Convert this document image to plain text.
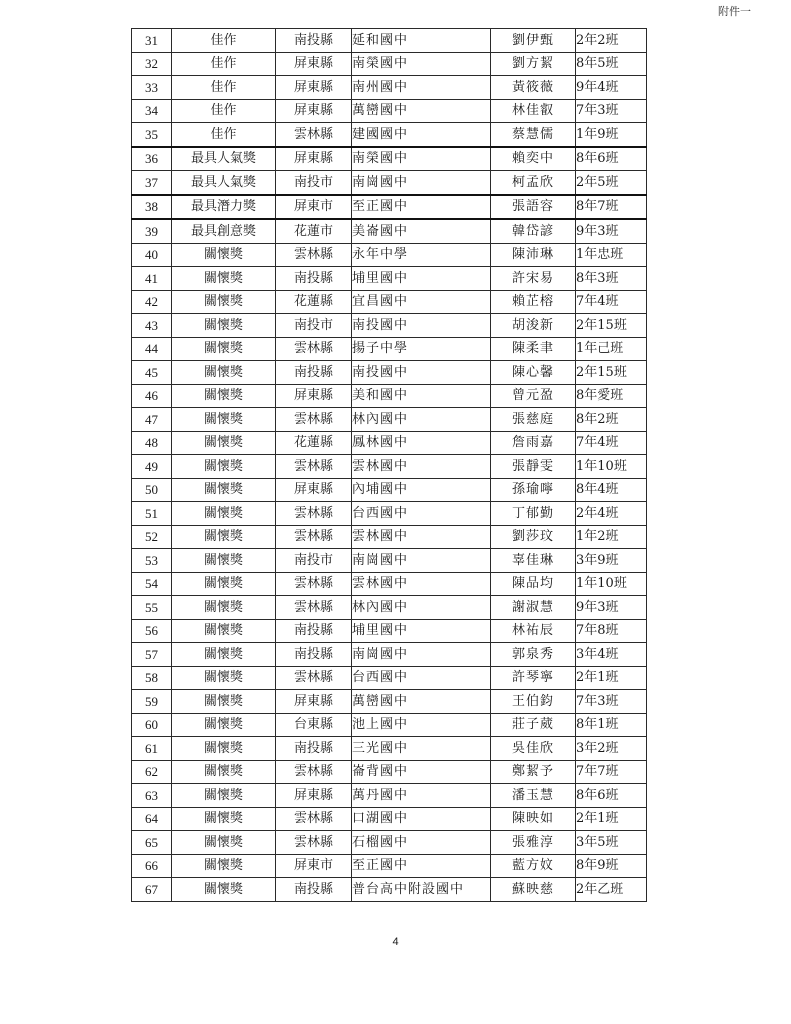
附件一
31	佳作	南投縣	延和國中	劉伊甄	2年2班
32	佳作	屏東縣	南榮國中	劉方絜	8年5班
33	佳作	屏東縣	南州國中	黃筱薇	9年4班
34	佳作	屏東縣	萬巒國中	林佳叡	7年3班
35	佳作	雲林縣	建國國中	蔡慧儒	1年9班
36	最具人氣獎	屏東縣	南榮國中	賴奕中	8年6班
37	最具人氣獎	南投市	南崗國中	柯孟欣	2年5班
38	最具潛力獎	屏東市	至正國中	張語容	8年7班
39	最具創意獎	花蓮市	美崙國中	韓岱諺	9年3班
40	關懷獎	雲林縣	永年中學	陳沛琳	1年忠班
41	關懷獎	南投縣	埔里國中	許宋易	8年3班
42	關懷獎	花蓮縣	宜昌國中	賴芷榕	7年4班
43	關懷獎	南投市	南投國中	胡浚新	2年15班
44	關懷獎	雲林縣	揚子中學	陳柔聿	1年己班
45	關懷獎	南投縣	南投國中	陳心馨	2年15班
46	關懷獎	屏東縣	美和國中	曾元盈	8年愛班
47	關懷獎	雲林縣	林內國中	張慈庭	8年2班
48	關懷獎	花蓮縣	鳳林國中	詹雨嘉	7年4班
49	關懷獎	雲林縣	雲林國中	張靜雯	1年10班
50	關懷獎	屏東縣	內埔國中	孫瑜嚀	8年4班
51	關懷獎	雲林縣	台西國中	丁郁勤	2年4班
52	關懷獎	雲林縣	雲林國中	劉莎玟	1年2班
53	關懷獎	南投市	南崗國中	辜佳琳	3年9班
54	關懷獎	雲林縣	雲林國中	陳品均	1年10班
55	關懷獎	雲林縣	林內國中	謝淑慧	9年3班
56	關懷獎	南投縣	埔里國中	林祐辰	7年8班
57	關懷獎	南投縣	南崗國中	郭泉秀	3年4班
58	關懷獎	雲林縣	台西國中	許琴寧	2年1班
59	關懷獎	屏東縣	萬巒國中	王伯鈞	7年3班
60	關懷獎	台東縣	池上國中	莊子葳	8年1班
61	關懷獎	南投縣	三光國中	吳佳欣	3年2班
62	關懷獎	雲林縣	崙背國中	鄭絜予	7年7班
63	關懷獎	屏東縣	萬丹國中	潘玉慧	8年6班
64	關懷獎	雲林縣	口湖國中	陳映如	2年1班
65	關懷獎	雲林縣	石榴國中	張雅淳	3年5班
66	關懷獎	屏東市	至正國中	藍方妏	8年9班
67	關懷獎	南投縣	普台高中附設國中	蘇映慈	2年乙班
4
